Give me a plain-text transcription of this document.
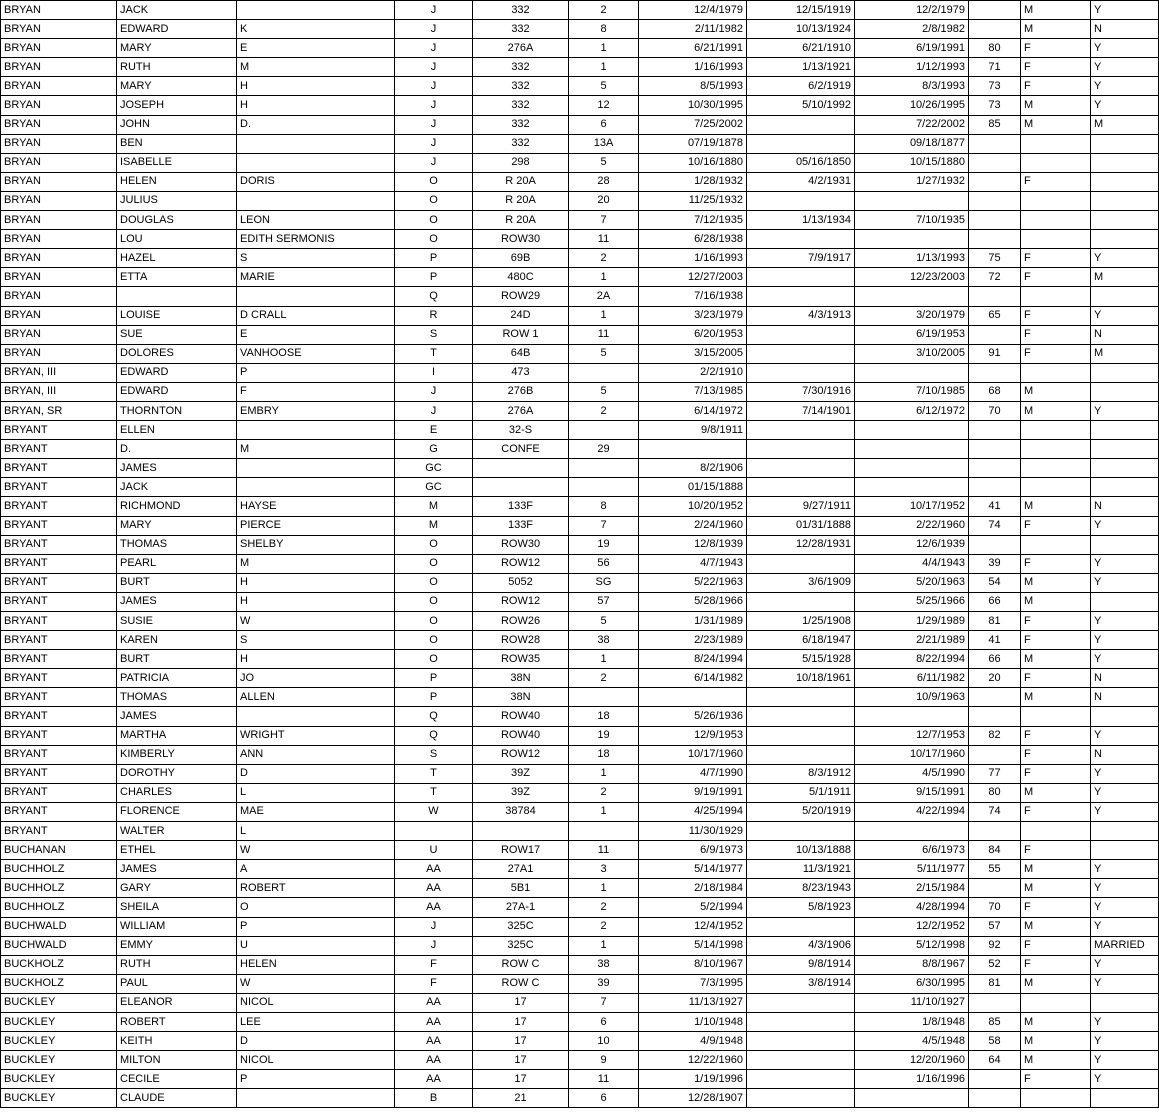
BRYAN	JACK		J	332	2	12/4/1979	12/15/1919	12/2/1979		M	Y
BRYAN	EDWARD	K	J	332	8	2/11/1982	10/13/1924	2/8/1982		M	N
BRYAN	MARY	E	J	276A	1	6/21/1991	6/21/1910	6/19/1991	80	F	Y
BRYAN	RUTH	M	J	332	1	1/16/1993	1/13/1921	1/12/1993	71	F	Y
BRYAN	MARY	H	J	332	5	8/5/1993	6/2/1919	8/3/1993	73	F	Y
BRYAN	JOSEPH	H	J	332	12	10/30/1995	5/10/1992	10/26/1995	73	M	Y
BRYAN	JOHN	D.	J	332	6	7/25/2002		7/22/2002	85	M	M
BRYAN	BEN		J	332	13A	07/19/1878		09/18/1877			
BRYAN	ISABELLE		J	298	5	10/16/1880	05/16/1850	10/15/1880			
BRYAN	HELEN	DORIS	O	R 20A	28	1/28/1932	4/2/1931	1/27/1932		F	
BRYAN	JULIUS		O	R 20A	20	11/25/1932					
BRYAN	DOUGLAS	LEON	O	R 20A	7	7/12/1935	1/13/1934	7/10/1935			
BRYAN	LOU	EDITH SERMONIS	O	ROW30	11	6/28/1938					
BRYAN	HAZEL	S	P	69B	2	1/16/1993	7/9/1917	1/13/1993	75	F	Y
BRYAN	ETTA	MARIE	P	480C	1	12/27/2003		12/23/2003	72	F	M
BRYAN			Q	ROW29	2A	7/16/1938					
BRYAN	LOUISE	D CRALL	R	24D	1	3/23/1979	4/3/1913	3/20/1979	65	F	Y
BRYAN	SUE	E	S	ROW 1	11	6/20/1953		6/19/1953		F	N
BRYAN	DOLORES	VANHOOSE	T	64B	5	3/15/2005		3/10/2005	91	F	M
BRYAN, III	EDWARD	P	I	473		2/2/1910					
BRYAN, III	EDWARD	F	J	276B	5	7/13/1985	7/30/1916	7/10/1985	68	M	
BRYAN, SR	THORNTON	EMBRY	J	276A	2	6/14/1972	7/14/1901	6/12/1972	70	M	Y
BRYANT	ELLEN		E	32-S		9/8/1911					
BRYANT	D.	M	G	CONFE	29						
BRYANT	JAMES		GC			8/2/1906					
BRYANT	JACK		GC			01/15/1888					
BRYANT	RICHMOND	HAYSE	M	133F	8	10/20/1952	9/27/1911	10/17/1952	41	M	N
BRYANT	MARY	PIERCE	M	133F	7	2/24/1960	01/31/1888	2/22/1960	74	F	Y
BRYANT	THOMAS	SHELBY	O	ROW30	19	12/8/1939	12/28/1931	12/6/1939			
BRYANT	PEARL	M	O	ROW12	56	4/7/1943		4/4/1943	39	F	Y
BRYANT	BURT	H	O	5052	SG	5/22/1963	3/6/1909	5/20/1963	54	M	Y
BRYANT	JAMES	H	O	ROW12	57	5/28/1966		5/25/1966	66	M	
BRYANT	SUSIE	W	O	ROW26	5	1/31/1989	1/25/1908	1/29/1989	81	F	Y
BRYANT	KAREN	S	O	ROW28	38	2/23/1989	6/18/1947	2/21/1989	41	F	Y
BRYANT	BURT	H	O	ROW35	1	8/24/1994	5/15/1928	8/22/1994	66	M	Y
BRYANT	PATRICIA	JO	P	38N	2	6/14/1982	10/18/1961	6/11/1982	20	F	N
BRYANT	THOMAS	ALLEN	P	38N				10/9/1963		M	N
BRYANT	JAMES		Q	ROW40	18	5/26/1936					
BRYANT	MARTHA	WRIGHT	Q	ROW40	19	12/9/1953		12/7/1953	82	F	Y
BRYANT	KIMBERLY	ANN	S	ROW12	18	10/17/1960		10/17/1960		F	N
BRYANT	DOROTHY	D	T	39Z	1	4/7/1990	8/3/1912	4/5/1990	77	F	Y
BRYANT	CHARLES	L	T	39Z	2	9/19/1991	5/1/1911	9/15/1991	80	M	Y
BRYANT	FLORENCE	MAE	W	38784	1	4/25/1994	5/20/1919	4/22/1994	74	F	Y
BRYANT	WALTER	L				11/30/1929					
BUCHANAN	ETHEL	W	U	ROW17	11	6/9/1973	10/13/1888	6/6/1973	84	F	
BUCHHOLZ	JAMES	A	AA	27A1	3	5/14/1977	11/3/1921	5/11/1977	55	M	Y
BUCHHOLZ	GARY	ROBERT	AA	5B1	1	2/18/1984	8/23/1943	2/15/1984		M	Y
BUCHHOLZ	SHEILA	O	AA	27A-1	2	5/2/1994	5/8/1923	4/28/1994	70	F	Y
BUCHWALD	WILLIAM	P	J	325C	2	12/4/1952		12/2/1952	57	M	Y
BUCHWALD	EMMY	U	J	325C	1	5/14/1998	4/3/1906	5/12/1998	92	F	MARRIED
BUCKHOLZ	RUTH	HELEN	F	ROW C	38	8/10/1967	9/8/1914	8/8/1967	52	F	Y
BUCKHOLZ	PAUL	W	F	ROW C	39	7/3/1995	3/8/1914	6/30/1995	81	M	Y
BUCKLEY	ELEANOR	NICOL	AA	17	7	11/13/1927		11/10/1927			
BUCKLEY	ROBERT	LEE	AA	17	6	1/10/1948		1/8/1948	85	M	Y
BUCKLEY	KEITH	D	AA	17	10	4/9/1948		4/5/1948	58	M	Y
BUCKLEY	MILTON	NICOL	AA	17	9	12/22/1960		12/20/1960	64	M	Y
BUCKLEY	CECILE	P	AA	17	11	1/19/1996		1/16/1996		F	Y
BUCKLEY	CLAUDE		B	21	6	12/28/1907					
